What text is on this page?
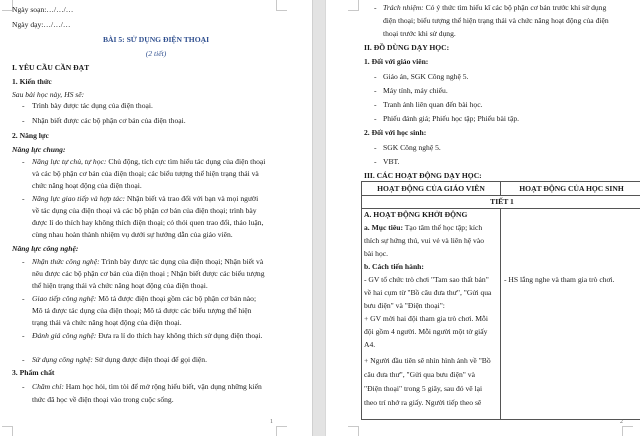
Ngày soạn:…/…/…
Ngày dạy:…/…/…
BÀI 5: SỬ DỤNG ĐIỆN THOẠI
(2 tiết)
I. YÊU CẦU CẦN ĐẠT
1. Kiến thức
Sau bài học này, HS sẽ:
- Trình bày được tác dụng của điện thoại.
- Nhận biết được các bộ phận cơ bản của điện thoại.
2. Năng lực
Năng lực chung:
- Năng lực tự chủ, tự học: Chủ động, tích cực tìm hiểu tác dụng của điện thoại
và các bộ phận cơ bản của điện thoại; các biểu tượng thể hiện trạng thái và
chức năng hoạt động của điện thoại.
- Năng lực giao tiếp và hợp tác: Nhận biết và trao đổi với bạn và mọi người
về tác dụng của điện thoại và các bộ phận cơ bản của điện thoại; trình bày
được lí do thích hay không thích điện thoại; có thói quen trao đổi, thảo luận,
cùng nhau hoàn thành nhiệm vụ dưới sự hướng dẫn của giáo viên.
Năng lực công nghệ:
- Nhận thức công nghệ: Trình bày được tác dụng của điện thoại; Nhận biết và
nêu được các bộ phận cơ bản của điện thoại ; Nhận biết được các biểu tượng
thể hiện trạng thái và chức năng hoạt động của điện thoại.
- Giao tiếp công nghệ: Mô tả được điện thoại gồm các bộ phận cơ bản nào;
Mô tả được tác dụng của điện thoại; Mô tả được các biểu tượng thể hiện
trạng thái và chức năng hoạt động của điện thoại.
- Đánh giá công nghệ: Đưa ra lí do thích hay không thích sử dụng điện thoại.
- Sử dụng công nghệ: Sử dụng được điện thoại để gọi điện.
3. Phẩm chất
- Chăm chỉ: Ham học hỏi, tìm tòi để mở rộng hiểu biết, vận dụng những kiến
thức đã học về điện thoại vào trong cuộc sống.
1
- Trách nhiệm: Có ý thức tìm hiểu kĩ các bộ phận cơ bản trước khi sử dụng
điện thoại; biểu tượng thể hiện trạng thái và chức năng hoạt động của điện
thoại trước khi sử dụng.
II. ĐỒ DÙNG DẠY HỌC:
1. Đối với giáo viên:
- Giáo án, SGK Công nghệ 5.
- Máy tính, máy chiếu.
- Tranh ảnh liên quan đến bài học.
- Phiếu đánh giá; Phiếu học tập; Phiếu bài tập.
2. Đối với học sinh:
- SGK Công nghệ 5.
- VBT.
III. CÁC HOẠT ĐỘNG DẠY HỌC:
HOẠT ĐỘNG CỦA GIÁO VIÊN	HOẠT ĐỘNG CỦA HỌC SINH
TIẾT 1
A. HOẠT ĐỘNG KHỞI ĐỘNG
a. Mục tiêu: Tạo tâm thế học tập; kích
thích sự hứng thú, vui vẻ và liên hệ vào
bài học.
b. Cách tiến hành:
- GV tổ chức trò chơi "Tam sao thất bản"
về hai cụm từ "Bồ câu đưa thư", "Gửi qua
bưu điện" và "Điện thoại":
+ GV mời hai đội tham gia trò chơi. Mỗi
đội gồm 4 người. Mỗi người một tờ giấy
A4.
+ Người đầu tiên sẽ nhìn hình ảnh về "Bồ
câu đưa thư", "Gửi qua bưu điện" và
"Điện thoại" trong 5 giây, sau đó vẽ lại
theo trí nhớ ra giấy. Người tiếp theo sẽ
- HS lắng nghe và tham gia trò chơi.
2
